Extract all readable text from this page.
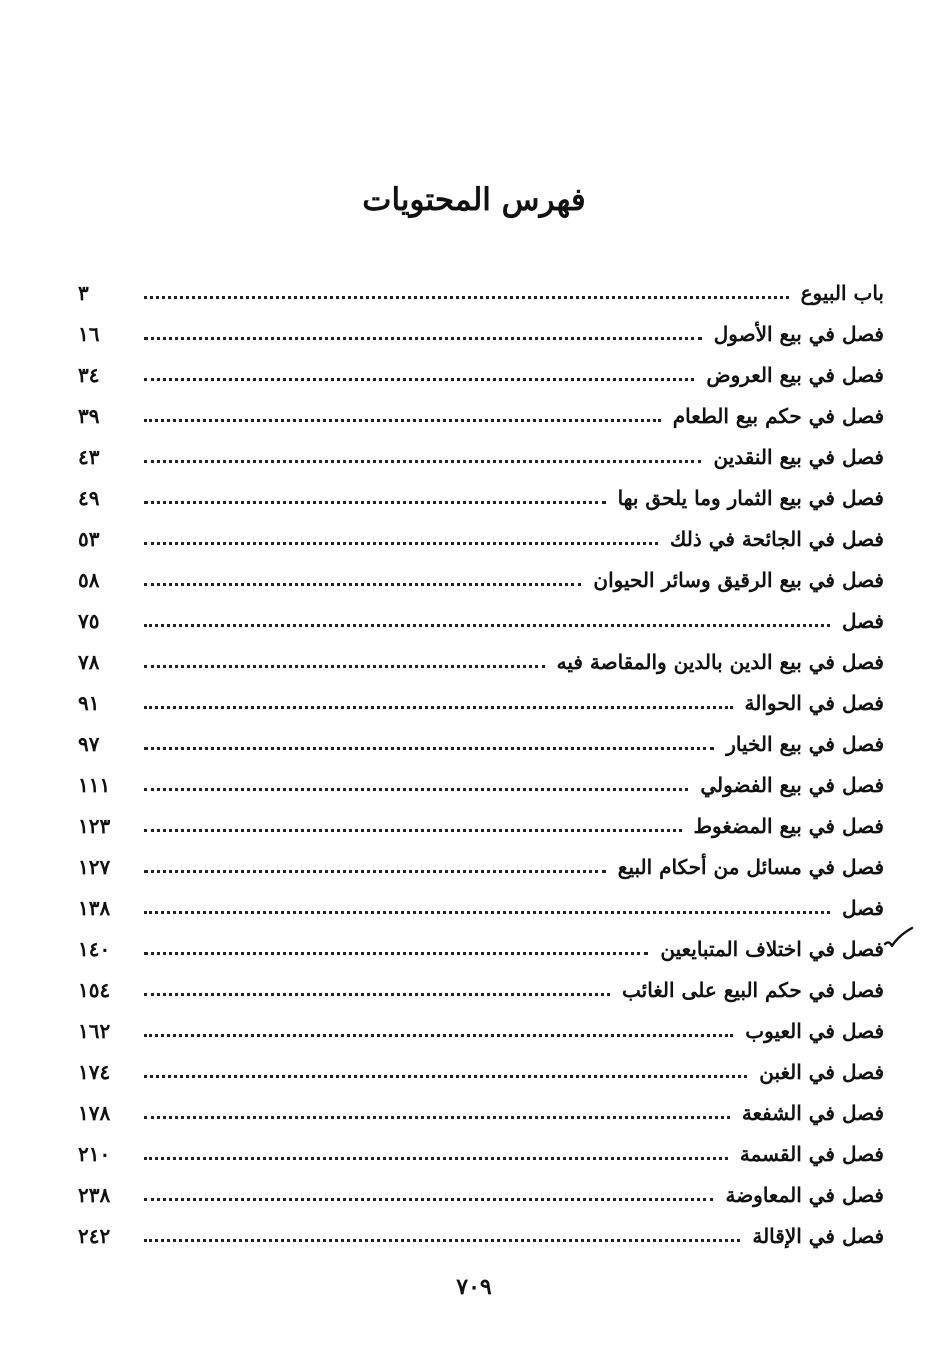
فهرس المحتويات
باب البيوع
٣
فصل في بيع الأصول
١٦
فصل في بيع العروض
٣٤
فصل في حكم بيع الطعام
٣٩
فصل في بيع النقدين
٤٣
فصل في بيع الثمار وما يلحق بها
٤٩
فصل في الجائحة في ذلك
٥٣
فصل في بيع الرقيق وسائر الحيوان
٥٨
فصل
٧٥
فصل في بيع الدين بالدين والمقاصة فيه
٧٨
فصل في الحوالة
٩١
فصل في بيع الخيار
٩٧
فصل في بيع الفضولي
١١١
فصل في بيع المضغوط
١٢٣
فصل في مسائل من أحكام البيع
١٢٧
فصل
١٣٨
فصل في اختلاف المتبايعين
١٤٠
فصل في حكم البيع على الغائب
١٥٤
فصل في العيوب
١٦٢
فصل في الغبن
١٧٤
فصل في الشفعة
١٧٨
فصل في القسمة
٢١٠
فصل في المعاوضة
٢٣٨
فصل في الإقالة
٢٤٢
٧٠٩
